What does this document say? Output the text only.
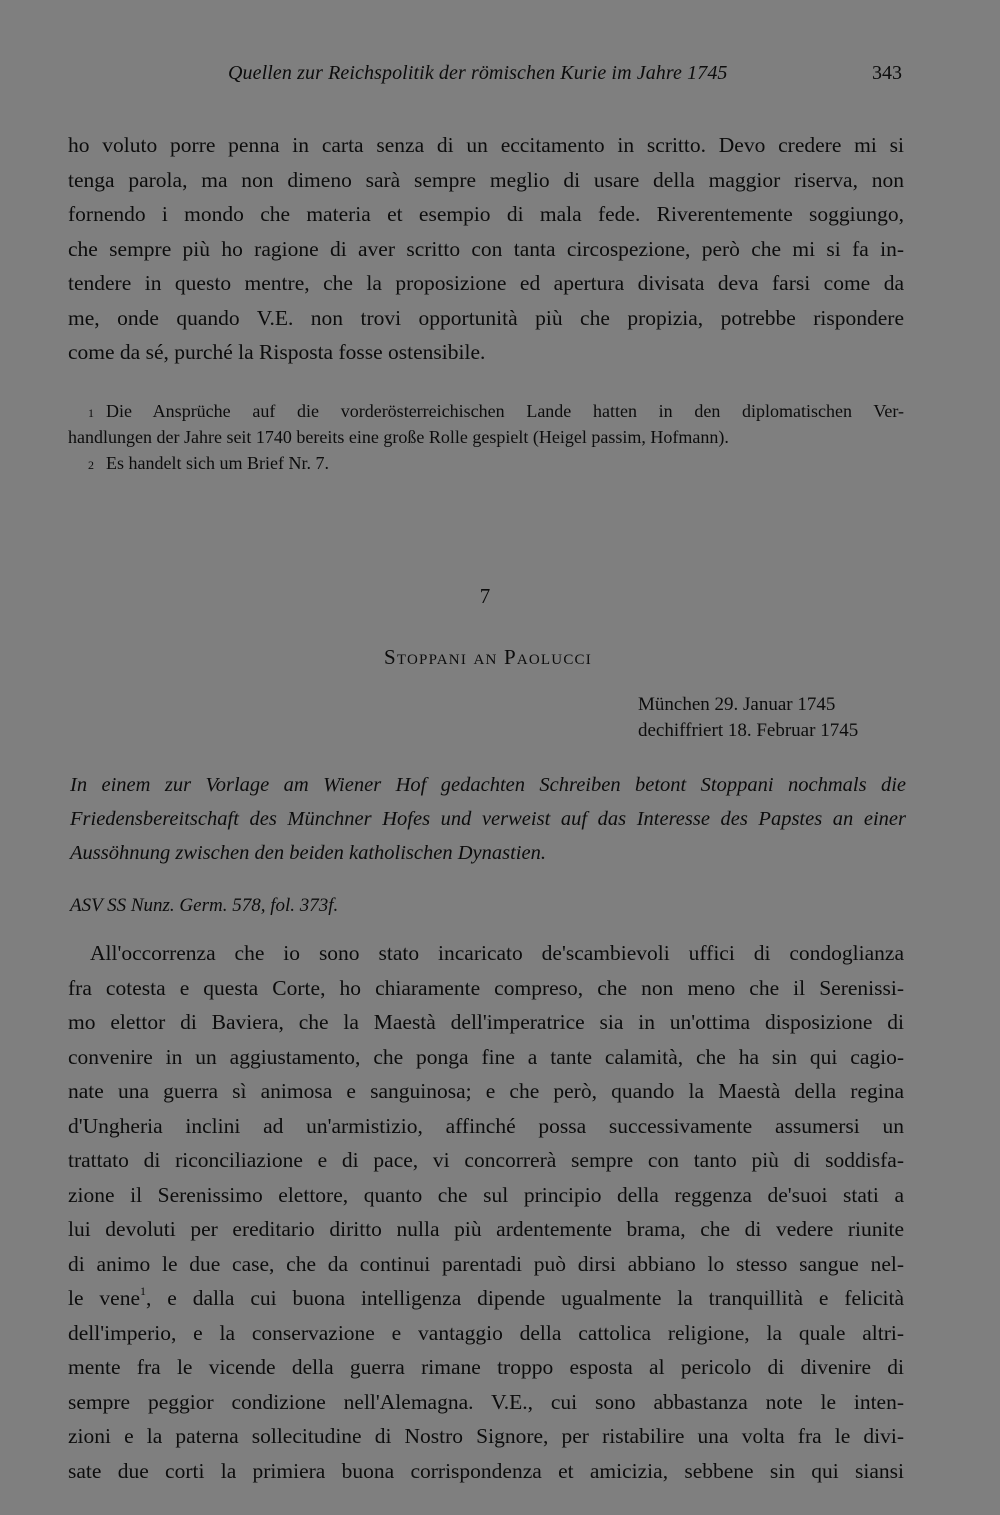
Quellen zur Reichspolitik der römischen Kurie im Jahre 1745	343
ho voluto porre penna in carta senza di un eccitamento in scritto. Devo credere mi si
tenga parola, ma non dimeno sarà sempre meglio di usare della maggior riserva, non
fornendo i mondo che materia et esempio di mala fede. Riverentemente soggiungo,
che sempre più ho ragione di aver scritto con tanta circospezione, però che mi si fa in-
tendere in questo mentre, che la proposizione ed apertura divisata deva farsi come da
me, onde quando V.E. non trovi opportunità più che propizia, potrebbe rispondere
come da sé, purché la Risposta fosse ostensibile.
1 Die Ansprüche auf die vorderösterreichischen Lande hatten in den diplomatischen Ver-
handlungen der Jahre seit 1740 bereits eine große Rolle gespielt (Heigel passim, Hofmann).
2 Es handelt sich um Brief Nr. 7.
7
Stoppani an Paolucci
München 29. Januar 1745
dechiffriert 18. Februar 1745
In einem zur Vorlage am Wiener Hof gedachten Schreiben betont Stoppani nochmals die
Friedensbereitschaft des Münchner Hofes und verweist auf das Interesse des Papstes an einer
Aussöhnung zwischen den beiden katholischen Dynastien.
ASV SS Nunz. Germ. 578, fol. 373f.
All'occorrenza che io sono stato incaricato de'scambievoli uffici di condoglianza
fra cotesta e questa Corte, ho chiaramente compreso, che non meno che il Serenissi-
mo elettor di Baviera, che la Maestà dell'imperatrice sia in un'ottima disposizione di
convenire in un aggiustamento, che ponga fine a tante calamità, che ha sin qui cagio-
nate una guerra sì animosa e sanguinosa; e che però, quando la Maestà della regina
d'Ungheria inclini ad un'armistizio, affinché possa successivamente assumersi un
trattato di riconciliazione e di pace, vi concorrerà sempre con tanto più di soddisfa-
zione il Serenissimo elettore, quanto che sul principio della reggenza de'suoi stati a
lui devoluti per ereditario diritto nulla più ardentemente brama, che di vedere riunite
di animo le due case, che da continui parentadi può dirsi abbiano lo stesso sangue nel-
le vene$^1$, e dalla cui buona intelligenza dipende ugualmente la tranquillità e felicità
dell'imperio, e la conservazione e vantaggio della cattolica religione, la quale altri-
mente fra le vicende della guerra rimane troppo esposta al pericolo di divenire di
sempre peggior condizione nell'Alemagna. V.E., cui sono abbastanza note le inten-
zioni e la paterna sollecitudine di Nostro Signore, per ristabilire una volta fra le divi-
sate due corti la primiera buona corrispondenza et amicizia, sebbene sin qui siansi
